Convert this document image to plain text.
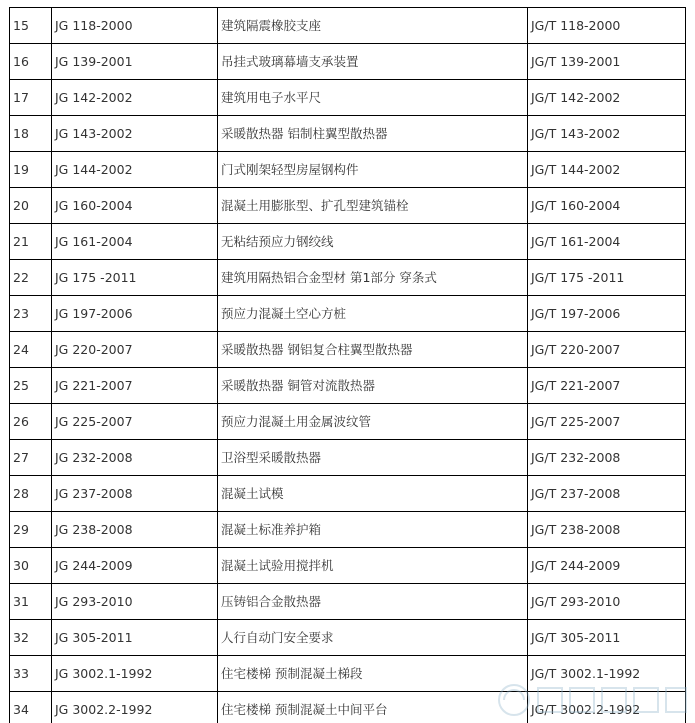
15	JG 118-2000	建筑隔震橡胶支座	JG/T 118-2000
16	JG 139-2001	吊挂式玻璃幕墙支承装置	JG/T 139-2001
17	JG 142-2002	建筑用电子水平尺	JG/T 142-2002
18	JG 143-2002	采暖散热器 铝制柱翼型散热器	JG/T 143-2002
19	JG 144-2002	门式刚架轻型房屋钢构件	JG/T 144-2002
20	JG 160-2004	混凝土用膨胀型、扩孔型建筑锚栓	JG/T 160-2004
21	JG 161-2004	无粘结预应力钢绞线	JG/T 161-2004
22	JG 175 -2011	建筑用隔热铝合金型材 第1部分 穿条式	JG/T 175 -2011
23	JG 197-2006	预应力混凝土空心方桩	JG/T 197-2006
24	JG 220-2007	采暖散热器 钢铝复合柱翼型散热器	JG/T 220-2007
25	JG 221-2007	采暖散热器 铜管对流散热器	JG/T 221-2007
26	JG 225-2007	预应力混凝土用金属波纹管	JG/T 225-2007
27	JG 232-2008	卫浴型采暖散热器	JG/T 232-2008
28	JG 237-2008	混凝土试模	JG/T 237-2008
29	JG 238-2008	混凝土标准养护箱	JG/T 238-2008
30	JG 244-2009	混凝土试验用搅拌机	JG/T 244-2009
31	JG 293-2010	压铸铝合金散热器	JG/T 293-2010
32	JG 305-2011	人行自动门安全要求	JG/T 305-2011
33	JG 3002.1-1992	住宅楼梯 预制混凝土梯段	JG/T 3002.1-1992
34	JG 3002.2-1992	住宅楼梯 预制混凝土中间平台	JG/T 3002.2-1992
